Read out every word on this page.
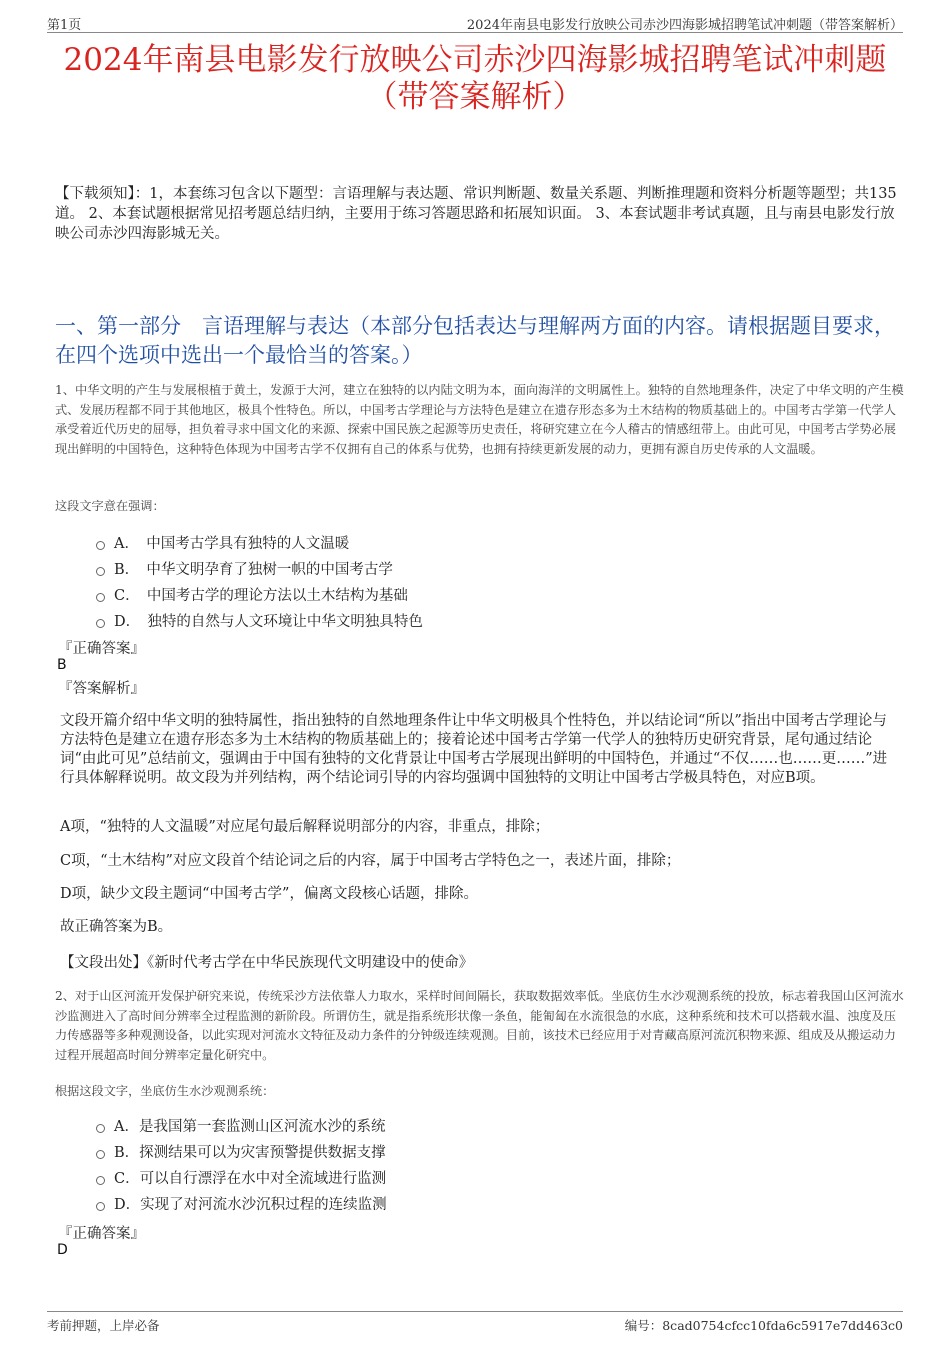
第1页	2024年南县电影发行放映公司赤沙四海影城招聘笔试冲刺题（带答案解析）
2024年南县电影发行放映公司赤沙四海影城招聘笔试冲刺题
（带答案解析）
【下载须知】：1，本套练习包含以下题型：言语理解与表达题、常识判断题、数量关系题、判断推理题和资料分析题等题型；共135道。 2、本套试题根据常见招考题总结归纳，主要用于练习答题思路和拓展知识面。 3、本套试题非考试真题，且与南县电影发行放映公司赤沙四海影城无关。
一、第一部分　言语理解与表达（本部分包括表达与理解两方面的内容。请根据题目要求，在四个选项中选出一个最恰当的答案。）
1、中华文明的产生与发展根植于黄土，发源于大河，建立在独特的以内陆文明为本，面向海洋的文明属性上。独特的自然地理条件，决定了中华文明的产生模式、发展历程都不同于其他地区，极具个性特色。所以，中国考古学理论与方法特色是建立在遗存形态多为土木结构的物质基础上的。中国考古学第一代学人承受着近代历史的屈辱，担负着寻求中国文化的来源、探索中国民族之起源等历史责任，将研究建立在今人稽古的情感纽带上。由此可见，中国考古学势必展现出鲜明的中国特色，这种特色体现为中国考古学不仅拥有自己的体系与优势，也拥有持续更新发展的动力，更拥有源自历史传承的人文温暖。
这段文字意在强调：
A．　中国考古学具有独特的人文温暖
B．　中华文明孕育了独树一帜的中国考古学
C．　中国考古学的理论方法以土木结构为基础
D．　独特的自然与人文环境让中华文明独具特色
『正确答案』
B
『答案解析』
文段开篇介绍中华文明的独特属性，指出独特的自然地理条件让中华文明极具个性特色，并以结论词“所以”指出中国考古学理论与方法特色是建立在遗存形态多为土木结构的物质基础上的；接着论述中国考古学第一代学人的独特历史研究背景，尾句通过结论词“由此可见”总结前文，强调由于中国有独特的文化背景让中国考古学展现出鲜明的中国特色，并通过“不仅……也……更……”进行具体解释说明。故文段为并列结构，两个结论词引导的内容均强调中国独特的文明让中国考古学极具特色，对应B项。
A项，“独特的人文温暖”对应尾句最后解释说明部分的内容，非重点，排除；
C项，“土木结构”对应文段首个结论词之后的内容，属于中国考古学特色之一，表述片面，排除；
D项，缺少文段主题词“中国考古学”，偏离文段核心话题，排除。
故正确答案为B。
【文段出处】《新时代考古学在中华民族现代文明建设中的使命》
2、对于山区河流开发保护研究来说，传统采沙方法依靠人力取水，采样时间间隔长，获取数据效率低。坐底仿生水沙观测系统的投放，标志着我国山区河流水沙监测进入了高时间分辨率全过程监测的新阶段。所谓仿生，就是指系统形状像一条鱼，能匍匐在水流很急的水底，这种系统和技术可以搭载水温、浊度及压力传感器等多种观测设备，以此实现对河流水文特征及动力条件的分钟级连续观测。目前，该技术已经应用于对青藏高原河流沉积物来源、组成及从搬运动力过程开展超高时间分辨率定量化研究中。
根据这段文字，坐底仿生水沙观测系统：
A．是我国第一套监测山区河流水沙的系统
B．探测结果可以为灾害预警提供数据支撑
C．可以自行漂浮在水中对全流域进行监测
D．实现了对河流水沙沉积过程的连续监测
『正确答案』
D
考前押题，上岸必备	编号：8cad0754cfcc10fda6c5917e7dd463c0
